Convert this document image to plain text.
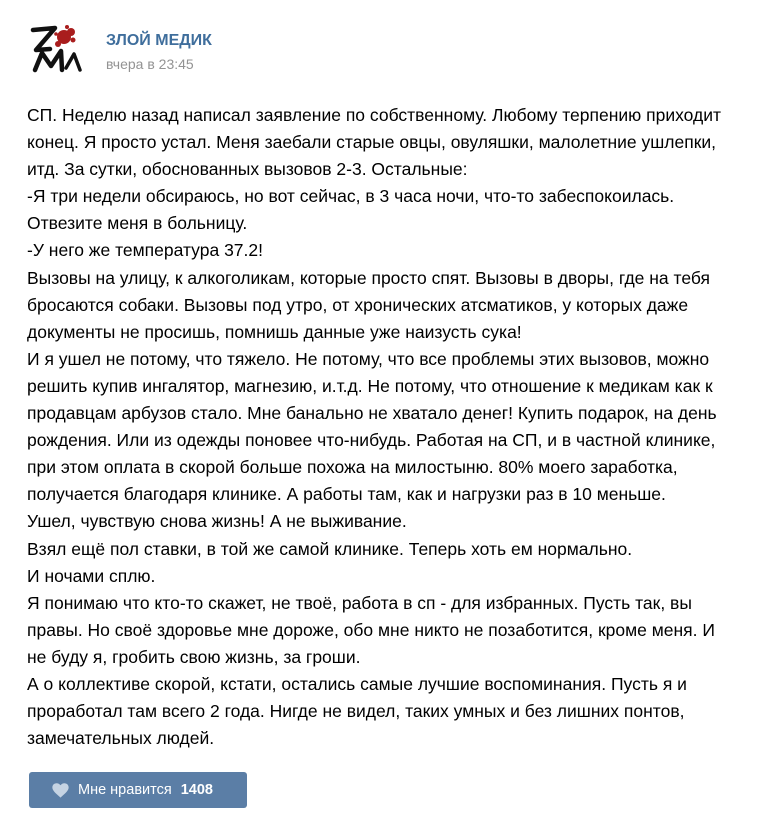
ЗЛОЙ МЕДИК
вчера в 23:45
СП. Неделю назад написал заявление по собственному. Любому терпению приходит
конец. Я просто устал. Меня заебали старые овцы, овуляшки, малолетние ушлепки,
итд. За сутки, обоснованных вызовов 2-3. Остальные:
-Я три недели обсираюсь, но вот сейчас, в 3 часа ночи, что-то забеспокоилась.
Отвезите меня в больницу.
-У него же температура 37.2!
Вызовы на улицу, к алкоголикам, которые просто спят. Вызовы в дворы, где на тебя
бросаются собаки. Вызовы под утро, от хронических атсматиков, у которых даже
документы не просишь, помнишь данные уже наизусть сука!
И я ушел не потому, что тяжело. Не потому, что все проблемы этих вызовов, можно
решить купив ингалятор, магнезию, и.т.д. Не потому, что отношение к медикам как к
продавцам арбузов стало. Мне банально не хватало денег! Купить подарок, на день
рождения. Или из одежды поновее что-нибудь. Работая на СП, и в частной клинике,
при этом оплата в скорой больше похожа на милостыню. 80% моего заработка,
получается благодаря клинике. А работы там, как и нагрузки раз в 10 меньше.
Ушел, чувствую снова жизнь! А не выживание.
Взял ещё пол ставки, в той же самой клинике. Теперь хоть ем нормально.
И ночами сплю.
Я понимаю что кто-то скажет, не твоё, работа в сп - для избранных. Пусть так, вы
правы. Но своё здоровье мне дороже, обо мне никто не позаботится, кроме меня. И
не буду я, гробить свою жизнь, за гроши.
А о коллективе скорой, кстати, остались самые лучшие воспоминания. Пусть я и
проработал там всего 2 года. Нигде не видел, таких умных и без лишних понтов,
замечательных людей.
Мне нравится 1408
